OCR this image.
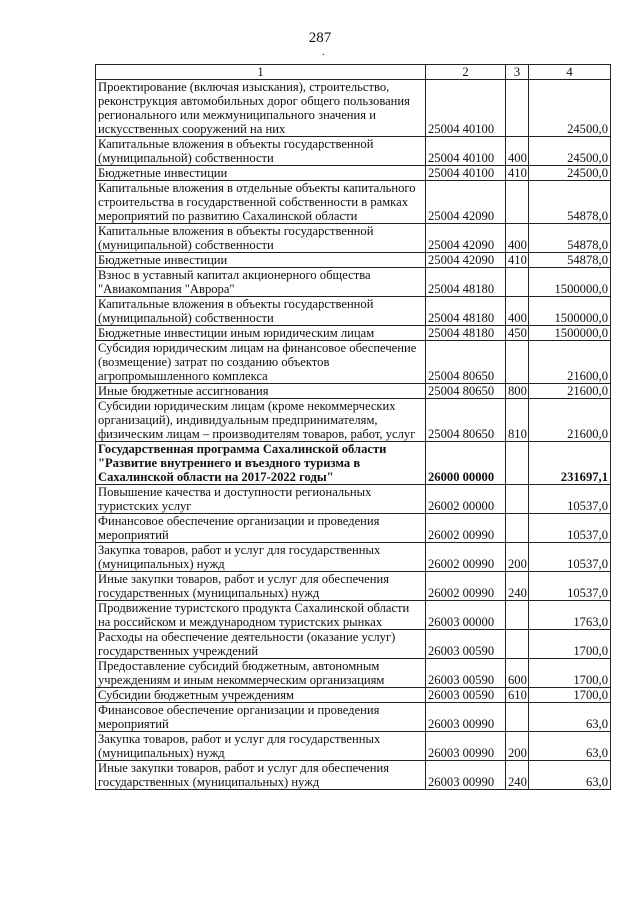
287
.
1	2	3	4
Проектирование (включая изыскания), строительство, реконструкция автомобильных дорог общего пользования регионального или межмуниципального значения и искусственных сооружений на них	25004 40100		24500,0
Капитальные вложения в объекты государственной (муниципальной) собственности	25004 40100	400	24500,0
Бюджетные инвестиции	25004 40100	410	24500,0
Капитальные вложения в отдельные объекты капитального строительства в государственной собственности в рамках мероприятий по развитию Сахалинской области	25004 42090		54878,0
Капитальные вложения в объекты государственной (муниципальной) собственности	25004 42090	400	54878,0
Бюджетные инвестиции	25004 42090	410	54878,0
Взнос в уставный капитал акционерного общества "Авиакомпания "Аврора"	25004 48180		1500000,0
Капитальные вложения в объекты государственной (муниципальной) собственности	25004 48180	400	1500000,0
Бюджетные инвестиции иным юридическим лицам	25004 48180	450	1500000,0
Субсидия юридическим лицам на финансовое обеспечение (возмещение) затрат по созданию объектов агропромышленного комплекса	25004 80650		21600,0
Иные бюджетные ассигнования	25004 80650	800	21600,0
Субсидии юридическим лицам (кроме некоммерческих организаций), индивидуальным предпринимателям, физическим лицам – производителям товаров, работ, услуг	25004 80650	810	21600,0
Государственная программа Сахалинской области "Развитие внутреннего и въездного туризма в Сахалинской области на 2017-2022 годы"	26000 00000		231697,1
Повышение качества и доступности региональных туристских услуг	26002 00000		10537,0
Финансовое обеспечение организации и проведения мероприятий	26002 00990		10537,0
Закупка товаров, работ и услуг для государственных (муниципальных) нужд	26002 00990	200	10537,0
Иные закупки товаров, работ и услуг для обеспечения государственных (муниципальных) нужд	26002 00990	240	10537,0
Продвижение туристского продукта Сахалинской области на российском и международном туристских рынках	26003 00000		1763,0
Расходы на обеспечение деятельности (оказание услуг) государственных учреждений	26003 00590		1700,0
Предоставление субсидий бюджетным, автономным учреждениям и иным некоммерческим организациям	26003 00590	600	1700,0
Субсидии бюджетным учреждениям	26003 00590	610	1700,0
Финансовое обеспечение организации и проведения мероприятий	26003 00990		63,0
Закупка товаров, работ и услуг для государственных (муниципальных) нужд	26003 00990	200	63,0
Иные закупки товаров, работ и услуг для обеспечения государственных (муниципальных) нужд	26003 00990	240	63,0
